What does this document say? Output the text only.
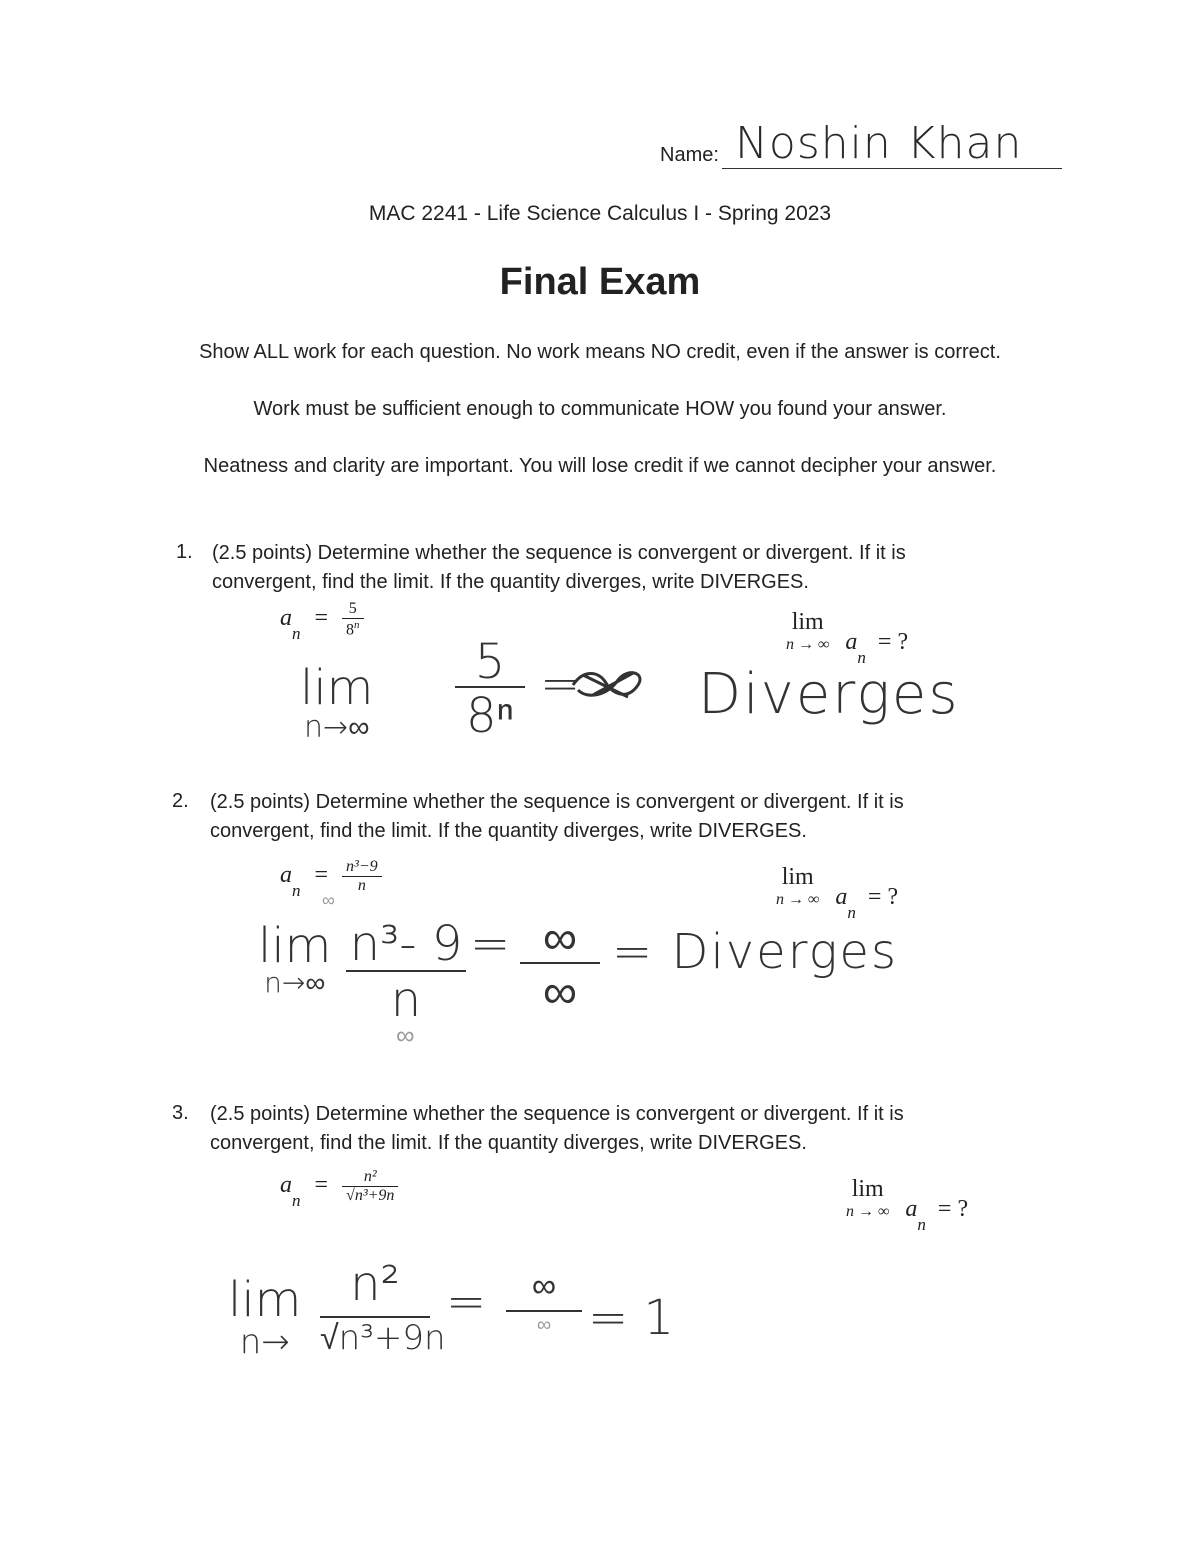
Name: Noshin Khan
MAC 2241 - Life Science Calculus I - Spring 2023
Final Exam
Show ALL work for each question. No work means NO credit, even if the answer is correct.
Work must be sufficient enough to communicate HOW you found your answer.
Neatness and clarity are important. You will lose credit if we cannot decipher your answer.
1. (2.5 points) Determine whether the sequence is convergent or divergent. If it is
convergent, find the limit. If the quantity diverges, write DIVERGES.
$a_n = \frac{5}{8^n}$	lim
n → ∞ $a_n$ = ?
lim
n→∞
5
8ⁿ
= Diverges
2. (2.5 points) Determine whether the sequence is convergent or divergent. If it is
convergent, find the limit. If the quantity diverges, write DIVERGES.
$a_n = \frac{\text{n³−9}}{n}$	lim
n → ∞ $a_n$ = ?
∞
lim
n→∞
n³- 9
n
= ∞
∞
= Diverges
∞
3. (2.5 points) Determine whether the sequence is convergent or divergent. If it is
convergent, find the limit. If the quantity diverges, write DIVERGES.
$a_n = \frac{\text{n²}}{\text{√n³+9n}}$	lim
n → ∞ $a_n$ = ?
lim
n→
n²
√n³+9n
=	∞
∞ = 1
